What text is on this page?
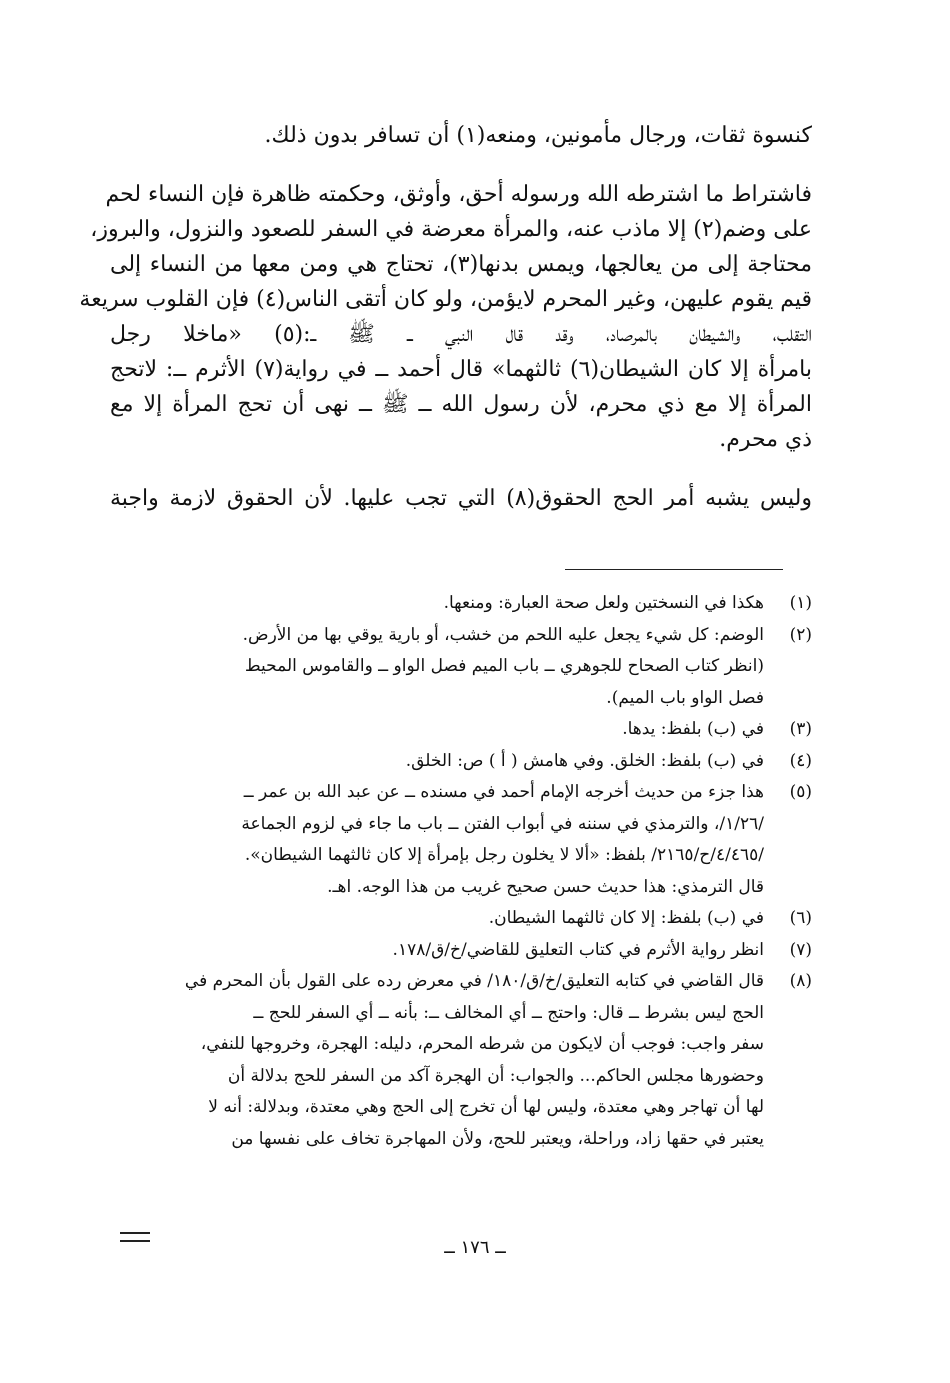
كنسوة ثقات، ورجال مأمونين، ومنعه(١) أن تسافر بدون ذلك.

فاشتراط ما اشترطه الله ورسوله أحق، وأوثق، وحكمته ظاهرة فإن النساء لحم

على وضم(٢) إلا ماذب عنه، والمرأة معرضة في السفر للصعود والنزول، والبروز،

محتاجة إلى من يعالجها، ويمس بدنها(٣)، تحتاج هي ومن معها من النساء إلى

قيم يقوم عليهن، وغير المحرم لايؤمن، ولو كان أتقى الناس(٤) فإن القلوب سريعة

التقلب، والشيطان بالمرصاد، وقد قال النبي ــ ﷺ ــ:(٥) «ماخلا رجل

بامرأة إلا كان الشيطان(٦) ثالثهما» قال أحمد ــ في رواية(٧) الأثرم ــ: لاتحج

المرأة إلا مع ذي محرم، لأن رسول الله ــ ﷺ ــ نهى أن تحج المرأة إلا مع

ذي محرم.

وليس يشبه أمر الحج الحقوق(٨) التي تجب عليها. لأن الحقوق لازمة واجبة

(١)

هكذا في النسختين ولعل صحة العبارة: ومنعها.

(٢)

الوضم: كل شيء يجعل عليه اللحم من خشب، أو بارية يوقي بها من الأرض.

(انظر كتاب الصحاح للجوهري ــ باب الميم فصل الواو ــ والقاموس المحيط

فصل الواو باب الميم).

(٣)

في (ب) بلفظ: يدها.

(٤)

في (ب) بلفظ: الخلق. وفي هامش ( أ ) ص: الخلق.

(٥)

هذا جزء من حديث أخرجه الإمام أحمد في مسنده ــ عن عبد الله بن عمر ــ

/١/٢٦/، والترمذي في سننه في أبواب الفتن ــ باب ما جاء في لزوم الجماعة

/٤/٤٦٥/ح/٢١٦٥/ بلفظ: «ألا لا يخلون رجل بإمرأة إلا كان ثالثهما الشيطان».

قال الترمذي: هذا حديث حسن صحيح غريب من هذا الوجه. اهـ.

(٦)

في (ب) بلفظ: إلا كان ثالثهما الشيطان.

(٧)

انظر رواية الأثرم في كتاب التعليق للقاضي/خ/ق/١٧٨.

(٨)

قال القاضي في كتابه التعليق/خ/ق/١٨٠/ في معرض رده على القول بأن المحرم في

الحج ليس بشرط ــ قال: واحتج ــ أي المخالف ــ: بأنه ــ أي السفر للحج ــ

سفر واجب: فوجب أن لايكون من شرطه المحرم، دليله: الهجرة، وخروجها للنفي،

وحضورها مجلس الحاكم... والجواب: أن الهجرة آكد من السفر للحج بدلالة أن

لها أن تهاجر وهي معتدة، وليس لها أن تخرج إلى الحج وهي معتدة، وبدلالة: أنه لا

يعتبر في حقها زاد، وراحلة، ويعتبر للحج، ولأن المهاجرة تخاف على نفسها من

ــ ١٧٦ ــ
